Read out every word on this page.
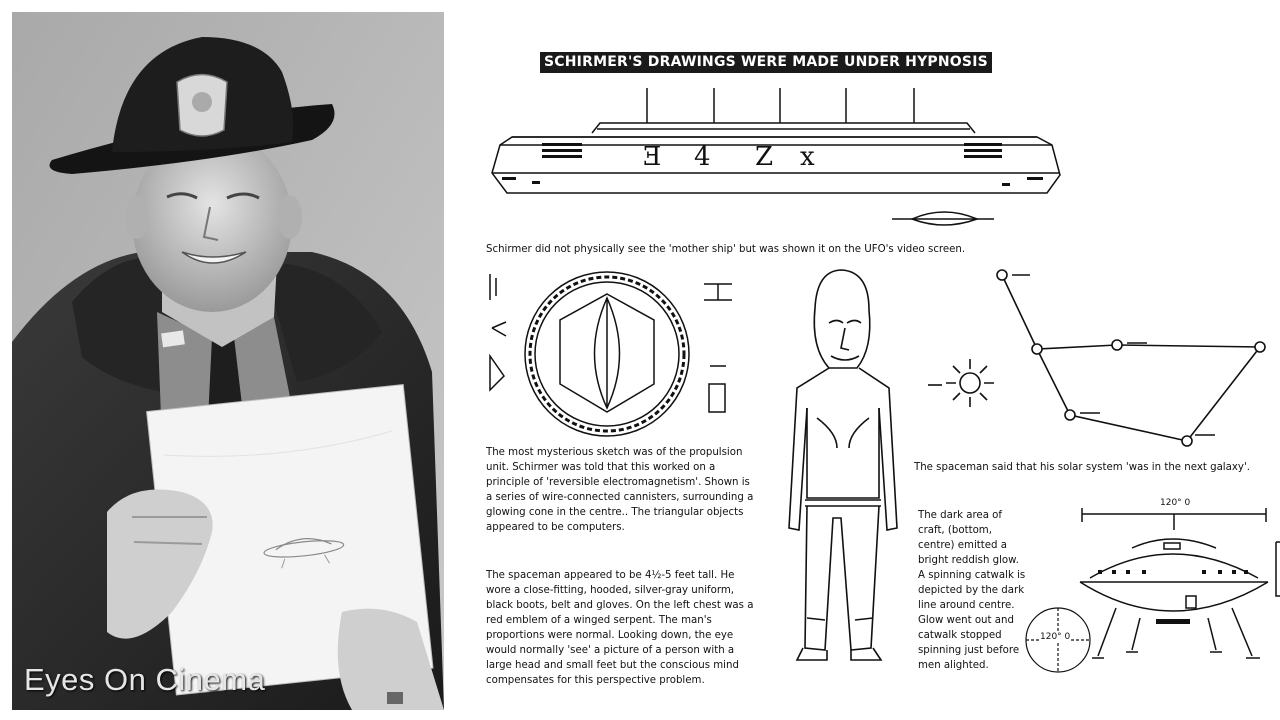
Eyes On Cinema
SCHIRMER'S DRAWINGS WERE MADE UNDER HYPNOSIS
Ǝ 4 Z x
Schirmer did not physically see the 'mother ship' but was shown it on the UFO's video screen.

The most mysterious sketch was of the propulsion unit. Schirmer was told that this worked on a principle of 'reversible electromagnetism'. Shown is a series of wire-connected cannisters, surrounding a glowing cone in the centre.. The triangular objects appeared to be computers.

The spaceman appeared to be 4½-5 feet tall. He wore a close-fitting, hooded, silver-gray uniform, black boots, belt and gloves. On the left chest was a red emblem of a winged serpent. The man's proportions were normal. Looking down, the eye would normally 'see' a picture of a person with a large head and small feet but the conscious mind compensates for this perspective problem.

The spaceman said that his solar system 'was in the next galaxy'.

The dark area of craft, (bottom, centre) emitted a bright reddish glow. A spinning catwalk is depicted by the dark line around centre. Glow went out and catwalk stopped spinning just before men alighted.

120° 0
120° 0
